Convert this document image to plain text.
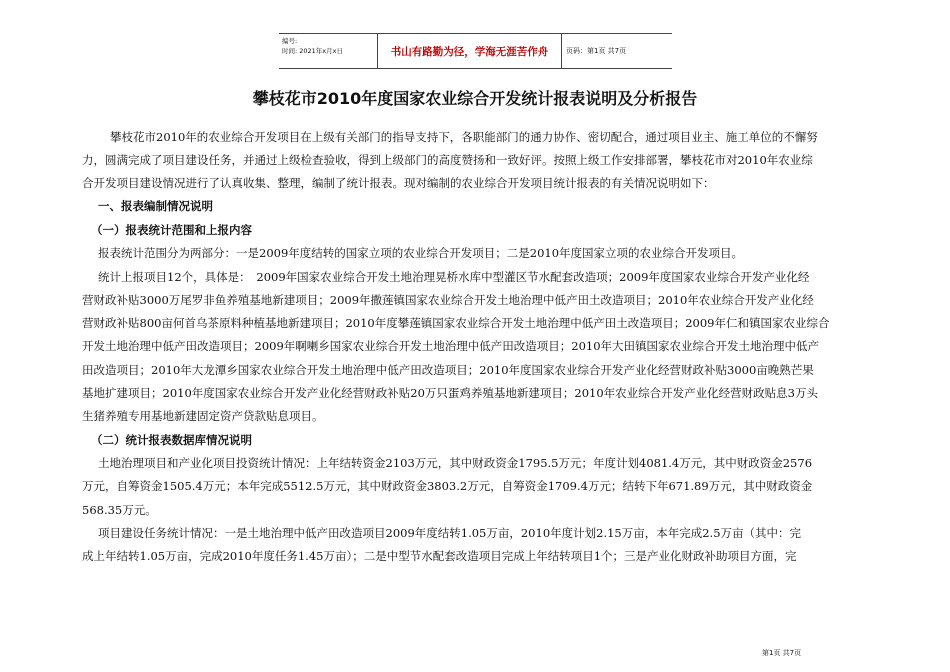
编号:
时间: 2021年x月x日	书山有路勤为径，学海无涯苦作舟	页码：第1页 共7页
攀枝花市2010年度国家农业综合开发统计报表说明及分析报告
攀枝花市2010年的农业综合开发项目在上级有关部门的指导支持下，各职能部门的通力协作、密切配合，通过项目业主、施工单位的不懈努
力，圆满完成了项目建设任务，并通过上级检查验收，得到上级部门的高度赞扬和一致好评。按照上级工作安排部署，攀枝花市对2010年农业综
合开发项目建设情况进行了认真收集、整理，编制了统计报表。现对编制的农业综合开发项目统计报表的有关情况说明如下：
一、报表编制情况说明
（一）报表统计范围和上报内容
报表统计范围分为两部分：一是2009年度结转的国家立项的农业综合开发项目；二是2010年度国家立项的农业综合开发项目。
统计上报项目12个，具体是：　2009年国家农业综合开发土地治理晃桥水库中型灌区节水配套改造项；2009年度国家农业综合开发产业化经
营财政补贴3000万尾罗非鱼养殖基地新建项目；2009年撒莲镇国家农业综合开发土地治理中低产田土改造项目；2010年农业综合开发产业化经
营财政补贴800亩何首乌茶原料种植基地新建项目；2010年度攀莲镇国家农业综合开发土地治理中低产田土改造项目；2009年仁和镇国家农业综合
开发土地治理中低产田改造项目；2009年啊喇乡国家农业综合开发土地治理中低产田改造项目；2010年大田镇国家农业综合开发土地治理中低产
田改造项目；2010年大龙潭乡国家农业综合开发土地治理中低产田改造项目；2010年度国家农业综合开发产业化经营财政补贴3000亩晚熟芒果
基地扩建项目；2010年度国家农业综合开发产业化经营财政补贴20万只蛋鸡养殖基地新建项目；2010年农业综合开发产业化经营财政贴息3万头
生猪养殖专用基地新建固定资产贷款贴息项目。
（二）统计报表数据库情况说明
土地治理项目和产业化项目投资统计情况：上年结转资金2103万元，其中财政资金1795.5万元；年度计划4081.4万元，其中财政资金2576
万元，自筹资金1505.4万元；本年完成5512.5万元，其中财政资金3803.2万元，自筹资金1709.4万元；结转下年671.89万元，其中财政资金
568.35万元。
项目建设任务统计情况：一是土地治理中低产田改造项目2009年度结转1.05万亩，2010年度计划2.15万亩，本年完成2.5万亩（其中：完
成上年结转1.05万亩，完成2010年度任务1.45万亩）；二是中型节水配套改造项目完成上年结转项目1个；三是产业化财政补助项目方面，完
第1页 共7页
